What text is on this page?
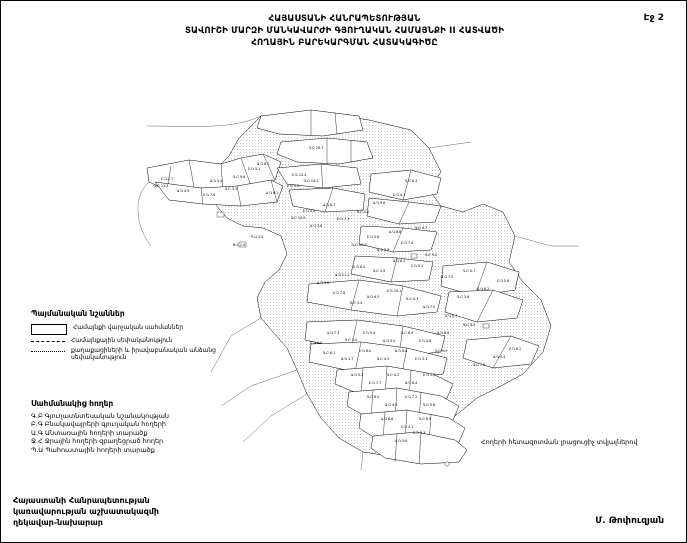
ՀԱՅԱՍՏԱՆԻ ՀԱՆՐԱՊԵՏՈՒԹՅԱՆ
ՏԱՎՈՒՇԻ ՄԱՐԶԻ ՄԱՆԿԱՎԱՐԺԻ ԳՅՈՒՂԱԿԱՆ ՀԱՄԱՅՆՔԻ II ՀԱՏՎԱԾԻ
ՀՈՂԱՅԻՆ ԲԱՐԵԿԱՐԳՄԱՆ ՀԱՏԱԿԱԳԻԾԸ
Էջ 2
Բ.Գ 12.4
Գ.Բ 28.7
Ա.Գ 6.2
Բ.Գ 3.1
Գ.Բ 9.8
Ա.Գ 5.4
Բ.Գ 2.7
Գ.Բ 11.3
Ա.Գ 4.9
Բ.Գ 7.6
Գ.Բ 3.3
Ա.Գ 8.1
Բ.Գ 5.5
Գ.Բ 14.2
Ա.Գ 6.7
Բ.Գ 4.4
Գ.Բ 10.9
Ա.Գ 3.8
Բ.Գ 7.1
Գ.Բ 5.2
Ա.Գ 9.6
Բ.Գ 4.1
Գ.Բ 6.3
Ա.Գ 8.8
Բ.Գ 3.6
Գ.Բ 12.0
Ա.Գ 5.9
Բ.Գ 7.4
Գ.Բ 4.7
Ա.Գ 11.2
Բ.Գ 6.0
Գ.Բ 3.9
Ա.Գ 8.3
Բ.Գ 5.1
Գ.Բ 9.2
Ա.Գ 4.6
Բ.Գ 7.8
Գ.Բ 3.4
Ա.Գ 6.5
Բ.Գ 10.1
Գ.Բ 4.3
Ա.Գ 7.0
Բ.Գ 5.7
Գ.Բ 3.2
Ա.Գ 8.6
Բ.Գ 4.8
Գ.Բ 6.9
Ա.Գ 3.5
Բ.Գ 9.4
Գ.Բ 5.0
Ա.Գ 7.3
Բ.Գ 4.0
Գ.Բ 6.1
Ա.Գ 3.7
Բ.Գ 8.0
Գ.Բ 4.5
Ա.Գ 6.8
Բ.Գ 3.1
Գ.Բ 9.0
Ա.Գ 5.3
Բ.Գ 7.7
Գ.Բ 4.2
Ա.Գ 6.4
Բ.Գ 3.0
Գ.Բ 8.5
Ա.Գ 4.9
Բ.Գ 7.2
Գ.Բ 3.8
Ա.Գ 6.6
Բ.Գ 4.1
Գ.Բ 8.9
Ա.Գ 5.6
Բ.Գ 3.3
Գ.Բ 7.9
Ա.Գ 4.4
Բ.Գ 6.2
Գ.Բ 3.6
Ա.Գ 8.2
Բ.Գ 5.8
Գ.Բ 4.7
Ա.Գ 7.5
Ջ.Հ 2.4
Պ.Ա 3.0
Պայմանական նշաններ
Համայնքի վարչական սահմաններ
Համայնքային սեփականություն
քաղաքացիների և իրավաբանական անձանց սեփականություն
Սահմանակից հողեր
Գ.Բ Գյուղատնտեսական նշանակության
Բ.Գ Բնակավայրերի գյուղական հողերի
Ա.Գ Անտառային հողերի տարածք
Ջ.Հ Ջրային հողերի զբաղեցրած հողեր
Պ.Ա Պահուստային հողերի տարածք
Հողերի հետազոտման լրացուցիչ տվյալներով
Հայաստանի Հանրապետության
կառավարության աշխատակազմի
ղեկավար-նախարար	Մ. Թոփուզյան
